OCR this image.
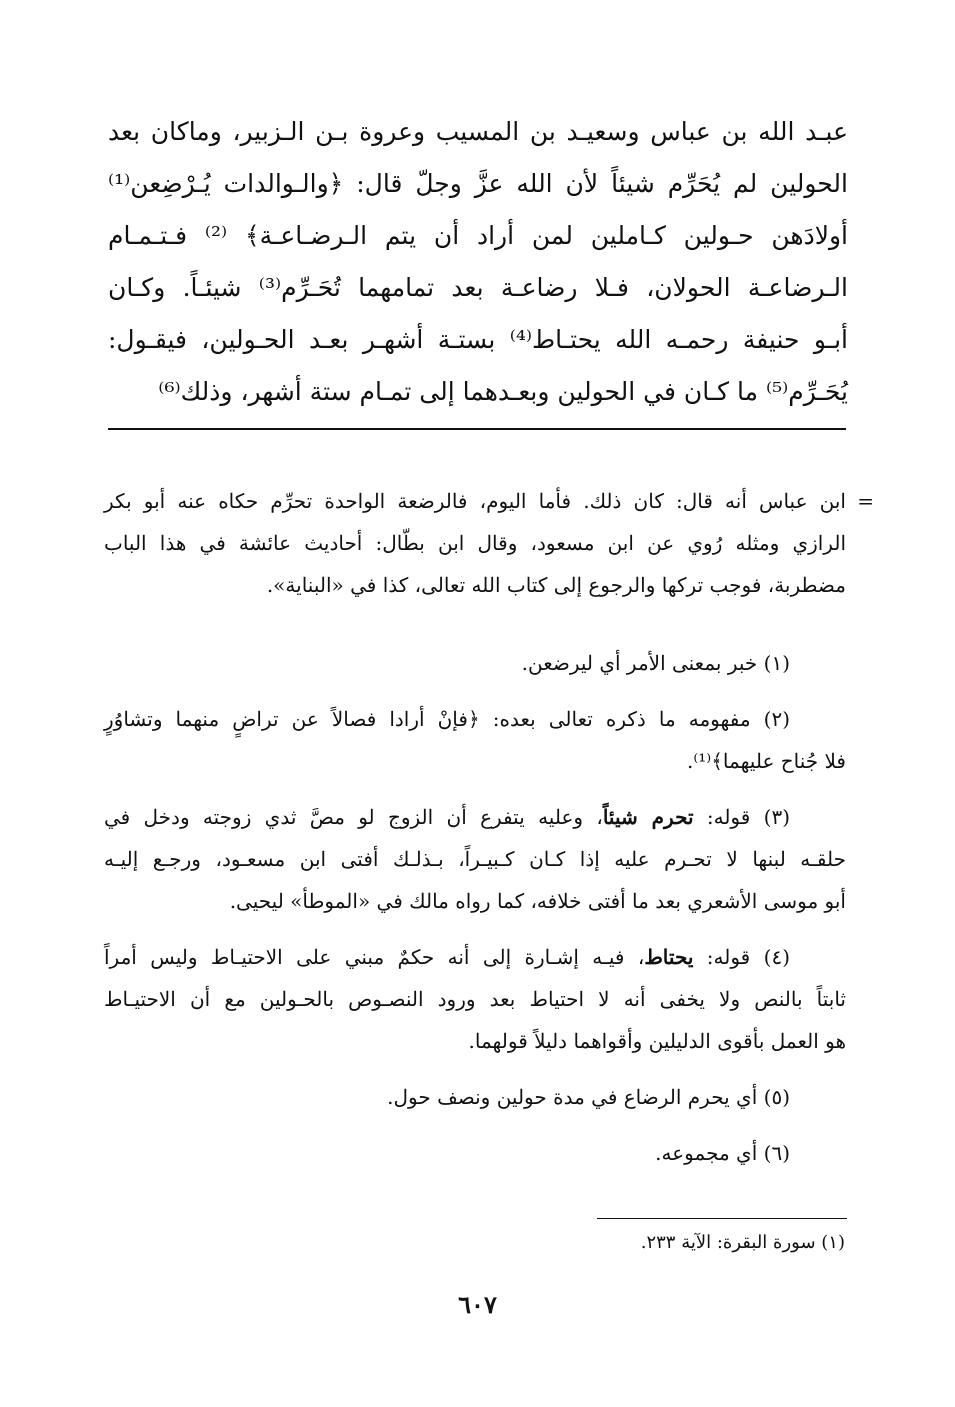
عبـد الله بن عباس وسعيـد بن المسيب وعروة بـن الـزبير، وماكان بعد
الحولين لم يُحَرِّم شيئاً لأن الله عزَّ وجلّ قال: ﴿والـوالدات يُـرْضِعن⁽¹⁾
أولادَهن حـولين كـاملين لمن أراد أن يتم الـرضـاعـة﴾ ⁽²⁾ فـتـمـام
الـرضاعـة الحولان، فـلا رضاعـة بعد تمامهما تُحَـرِّم⁽³⁾ شيئـاً. وكـان
أبـو حنيفة رحمـه الله يحتـاط⁽⁴⁾ بستـة أشهـر بعـد الحـولين، فيقـول:
يُحَـرِّم⁽⁵⁾ ما كـان في الحولين وبعـدهما إلى تمـام ستة أشهر، وذلك⁽⁶⁾
=
ابن عباس أنه قال: كان ذلك. فأما اليوم، فالرضعة الواحدة تحرِّم حكاه عنه أبو بكر
الرازي ومثله رُوي عن ابن مسعود، وقال ابن بطّال: أحاديث عائشة في هذا الباب
مضطربة، فوجب تركها والرجوع إلى كتاب الله تعالى، كذا في «البناية».
(١) خبر بمعنى الأمر أي ليرضعن.
(٢) مفهومه ما ذكره تعالى بعده: ﴿فإنْ أرادا فصالاً عن تراضٍ منهما وتشاوُرٍ
فلا جُناح عليهما﴾⁽¹⁾.
(٣) قوله: تحرم شيئاً، وعليه يتفرع أن الزوج لو مصَّ ثدي زوجته ودخل في
حلقـه لبنها لا تحـرم عليه إذا كـان كـبيـراً، بـذلـك أفتى ابن مسعـود، ورجـع إليـه
أبو موسى الأشعري بعد ما أفتى خلافه، كما رواه مالك في «الموطأ» ليحيى.
(٤) قوله: يحتاط، فيـه إشـارة إلى أنه حكمٌ مبني على الاحتيـاط وليس أمراً
ثابتاً بالنص ولا يخفى أنه لا احتياط بعد ورود النصـوص بالحـولين مع أن الاحتيـاط
هو العمل بأقوى الدليلين وأقواهما دليلاً قولهما.
(٥) أي يحرم الرضاع في مدة حولين ونصف حول.
(٦) أي مجموعه.
(١) سورة البقرة: الآية ٢٣٣.
٦٠٧
